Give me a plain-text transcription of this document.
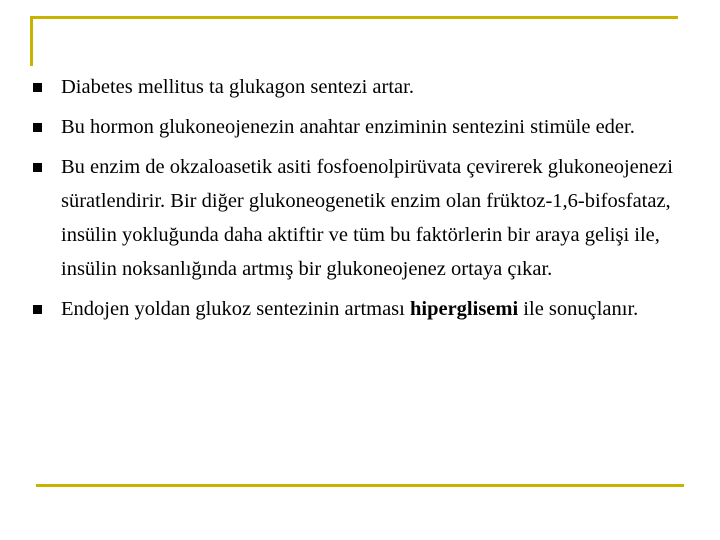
Diabetes mellitus ta glukagon sentezi artar.
Bu hormon glukoneojenezin anahtar enziminin sentezini stimüle eder.
Bu enzim de okzaloasetik asiti fosfoenolpirüvata çevirerek glukoneojenezi süratlendirir. Bir diğer glukoneogenetik enzim olan früktoz-1,6-bifosfataz, insülin yokluğunda daha aktiftir ve tüm bu faktörlerin bir araya gelişi ile, insülin noksanlığında artmış bir glukoneojenez ortaya çıkar.
Endojen yoldan glukoz sentezinin artması hiperglisemi ile sonuçlanır.
